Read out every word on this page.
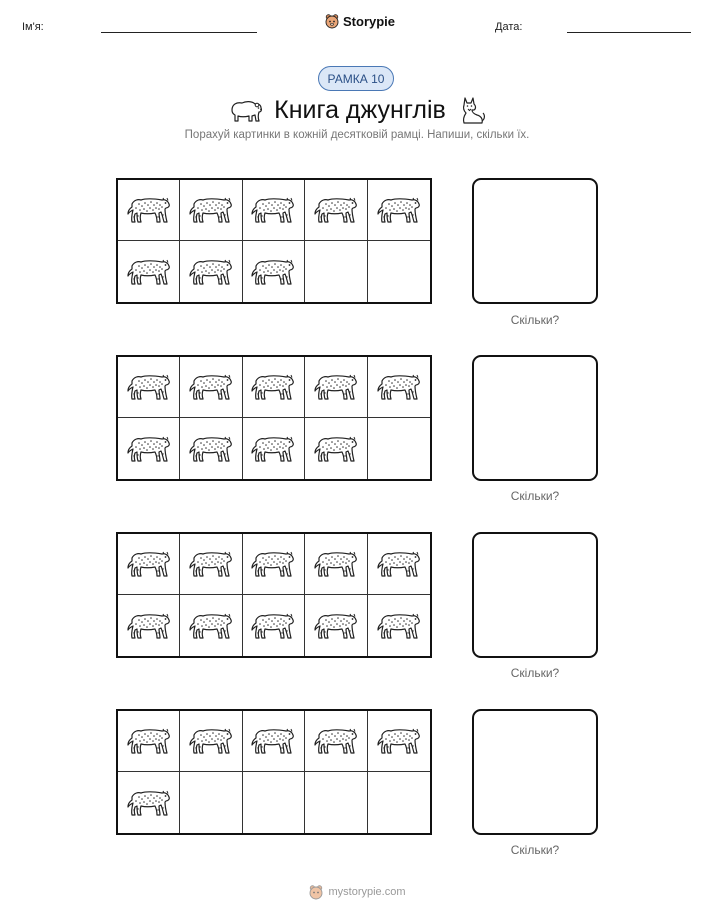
Ім'я:	Storypie	Дата:
РАМКА 10
Книга джунглів
Порахуй картинки в кожній десятковій рамці. Напиши, скільки їх.
Скільки?
Скільки?
Скільки?
Скільки?
mystorypie.com
